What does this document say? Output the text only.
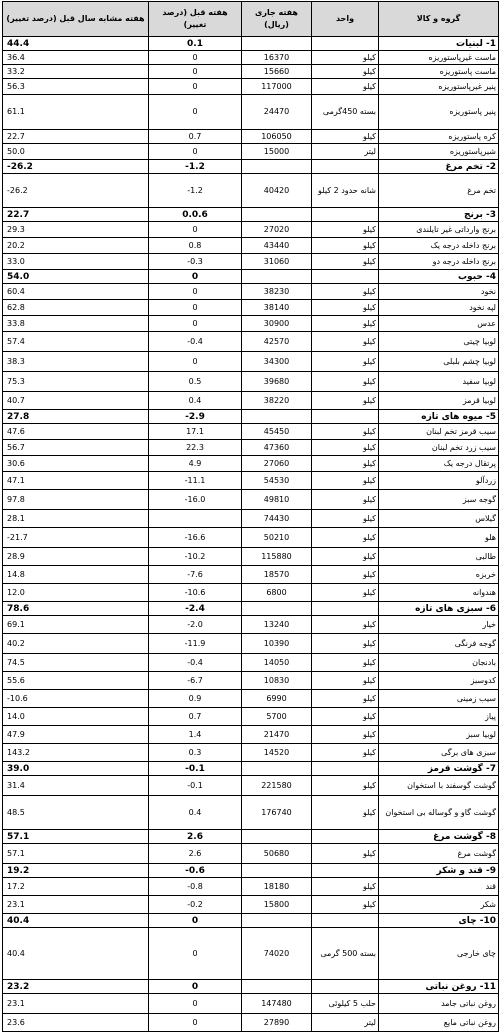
هفته مشابه سال قبل (درصد تغییر)	هفته قبل (درصد تغییر)	هفته جاری (ریال)	واحد	گروه و کالا
44.4	0.1			1- لبنیات
36.4	0	16370	کیلو	ماست غیرپاستوریزه
33.2	0	15660	کیلو	ماست پاستوریزه
56.3	0	117000	کیلو	پنیر غیرپاستوریزه
61.1	0	24470	بسته 450گرمی	پنیر پاستوریزه
22.7	0.7	106050	کیلو	کره پاستوریزه
50.0	0	15000	لیتر	شیرپاستوریزه
-26.2	-1.2			2- تخم مرغ
-26.2	-1.2	40420	شانه حدود 2 کیلو	تخم مرغ
22.7	0.0.6			3- برنج
29.3	0	27020	کیلو	برنج وارداتی غیر تایلندی
20.2	0.8	43440	کیلو	برنج داخله درجه یک
33.0	-0.3	31060	کیلو	برنج داخله درجه دو
54.0	0			4- حبوب
60.4	0	38230	کیلو	نخود
62.8	0	38140	کیلو	لپه نخود
33.8	0	30900	کیلو	عدس
57.4	-0.4	42570	کیلو	لوبیا چیتی
38.3	0	34300	کیلو	لوبیا چشم بلبلی
75.3	0.5	39680	کیلو	لوبیا سفید
40.7	0.4	38220	کیلو	لوبیا قرمز
27.8	-2.9			5- میوه های تازه
47.6	17.1	45450	کیلو	سیب قرمز تخم لبنان
56.7	22.3	47360	کیلو	سیب زرد تخم لبنان
30.6	4.9	27060	کیلو	پرتقال درجه یک
47.1	-11.1	54530	کیلو	زردآلو
97.8	-16.0	49810	کیلو	گوجه سبز
28.1		74430	کیلو	گیلاس
-21.7	-16.6	50210	کیلو	هلو
28.9	-10.2	115880	کیلو	طالبی
14.8	-7.6	18570	کیلو	خربزه
12.0	-10.6	6800	کیلو	هندوانه
78.6	-2.4			6- سبزی های تازه
69.1	-2.0	13240	کیلو	خیار
40.2	-11.9	10390	کیلو	گوجه فرنگی
74.5	-0.4	14050	کیلو	بادنجان
55.6	-6.7	10830	کیلو	کدوسبز
-10.6	0.9	6990	کیلو	سیب زمینی
14.0	0.7	5700	کیلو	پیاز
47.9	1.4	21470	کیلو	لوبیا سبز
143.2	0.3	14520	کیلو	سبزی های برگی
39.0	-0.1			7- گوشت قرمز
31.4	-0.1	221580	کیلو	گوشت گوسفند با استخوان
48.5	0.4	176740	کیلو	گوشت گاو و گوساله بی استخوان
57.1	2.6			8- گوشت مرغ
57.1	2.6	50680	کیلو	گوشت مرغ
19.2	-0.6			9- قند و شکر
17.2	-0.8	18180	کیلو	قند
23.1	-0.2	15800	کیلو	شکر
40.4	0			10- چای
40.4	0	74020	بسته 500 گرمی	چای خارجی
23.2	0			11- روغن نباتی
23.1	0	147480	حلب 5 کیلوئی	روغن نباتی جامد
23.6	0	27890	لیتر	روغن نباتی مایع
